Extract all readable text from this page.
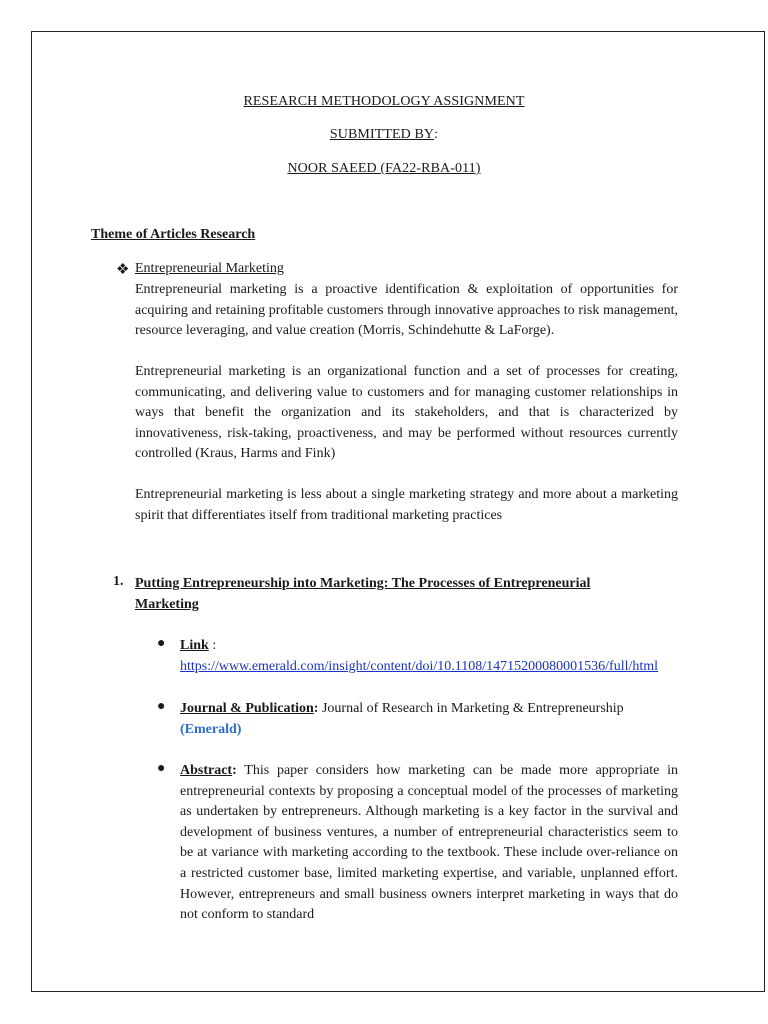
RESEARCH METHODOLOGY ASSIGNMENT
SUBMITTED BY:
NOOR SAEED (FA22-RBA-011)
Theme of Articles Research
❖ Entrepreneurial Marketing
Entrepreneurial marketing is a proactive identification & exploitation of opportunities for acquiring and retaining profitable customers through innovative approaches to risk management, resource leveraging, and value creation (Morris, Schindehutte & LaForge).
Entrepreneurial marketing is an organizational function and a set of processes for creating, communicating, and delivering value to customers and for managing customer relationships in ways that benefit the organization and its stakeholders, and that is characterized by innovativeness, risk-taking, proactiveness, and may be performed without resources currently controlled (Kraus, Harms and Fink)
Entrepreneurial marketing is less about a single marketing strategy and more about a marketing spirit that differentiates itself from traditional marketing practices
1. Putting Entrepreneurship into Marketing: The Processes of Entrepreneurial Marketing
● Link :
https://www.emerald.com/insight/content/doi/10.1108/14715200080001536/full/html
● Journal & Publication: Journal of Research in Marketing & Entrepreneurship (Emerald)
● Abstract: This paper considers how marketing can be made more appropriate in entrepreneurial contexts by proposing a conceptual model of the processes of marketing as undertaken by entrepreneurs. Although marketing is a key factor in the survival and development of business ventures, a number of entrepreneurial characteristics seem to be at variance with marketing according to the textbook. These include over-reliance on a restricted customer base, limited marketing expertise, and variable, unplanned effort. However, entrepreneurs and small business owners interpret marketing in ways that do not conform to standard
